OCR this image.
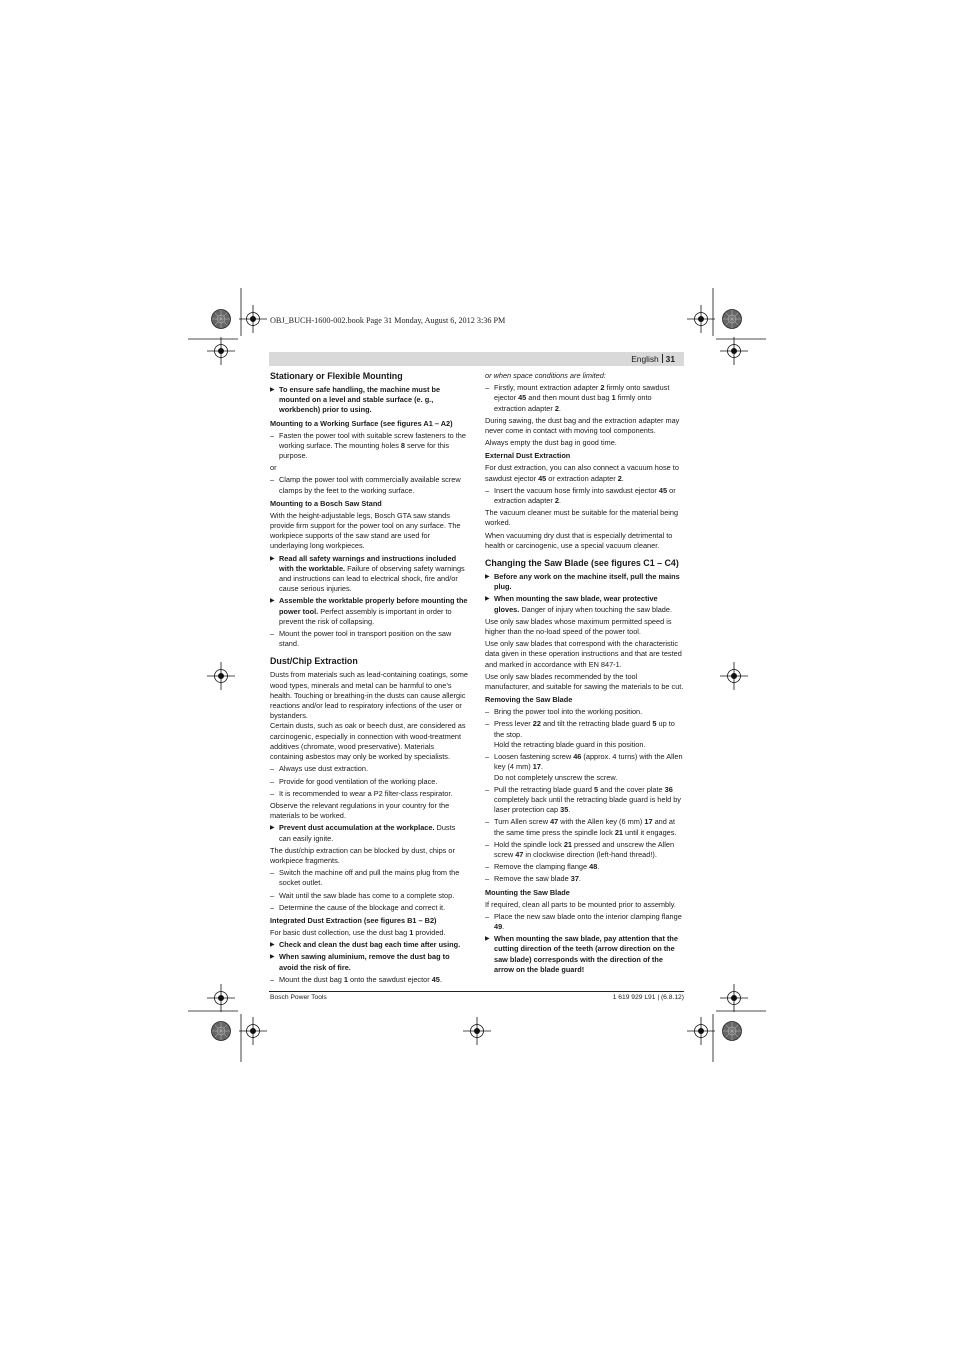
OBJ_BUCH-1600-002.book Page 31 Monday, August 6, 2012 3:36 PM
English 31
Stationary or Flexible Mounting

▶ To ensure safe handling, the machine must be mounted on a level and stable surface (e. g., workbench) prior to using.

Mounting to a Working Surface (see figures A1 – A2)

– Fasten the power tool with suitable screw fasteners to the working surface. The mounting holes 8 serve for this purpose.

or

– Clamp the power tool with commercially available screw clamps by the feet to the working surface.

Mounting to a Bosch Saw Stand

With the height-adjustable legs, Bosch GTA saw stands provide firm support for the power tool on any surface. The workpiece supports of the saw stand are used for underlaying long workpieces.

▶ Read all safety warnings and instructions included with the worktable. Failure of observing safety warnings and instructions can lead to electrical shock, fire and/or cause serious injuries.

▶ Assemble the worktable properly before mounting the power tool. Perfect assembly is important in order to prevent the risk of collapsing.

– Mount the power tool in transport position on the saw stand.

Dust/Chip Extraction

Dusts from materials such as lead-containing coatings, some wood types, minerals and metal can be harmful to one’s health. Touching or breathing-in the dusts can cause allergic reactions and/or lead to respiratory infections of the user or bystanders.

Certain dusts, such as oak or beech dust, are considered as carcinogenic, especially in connection with wood-treatment additives (chromate, wood preservative). Materials containing asbestos may only be worked by specialists.

– Always use dust extraction.

– Provide for good ventilation of the working place.

– It is recommended to wear a P2 filter-class respirator.

Observe the relevant regulations in your country for the materials to be worked.

▶ Prevent dust accumulation at the workplace. Dusts can easily ignite.

The dust/chip extraction can be blocked by dust, chips or workpiece fragments.

– Switch the machine off and pull the mains plug from the socket outlet.

– Wait until the saw blade has come to a complete stop.

– Determine the cause of the blockage and correct it.

Integrated Dust Extraction (see figures B1 – B2)

For basic dust collection, use the dust bag 1 provided.

▶ Check and clean the dust bag each time after using.

▶ When sawing aluminium, remove the dust bag to avoid the risk of fire.

– Mount the dust bag 1 onto the sawdust ejector 45.

or when space conditions are limited:

– Firstly, mount extraction adapter 2 firmly onto sawdust ejector 45 and then mount dust bag 1 firmly onto extraction adapter 2.

During sawing, the dust bag and the extraction adapter may never come in contact with moving tool components.

Always empty the dust bag in good time.

External Dust Extraction

For dust extraction, you can also connect a vacuum hose to sawdust ejector 45 or extraction adapter 2.

– Insert the vacuum hose firmly into sawdust ejector 45 or extraction adapter 2.

The vacuum cleaner must be suitable for the material being worked.

When vacuuming dry dust that is especially detrimental to health or carcinogenic, use a special vacuum cleaner.

Changing the Saw Blade (see figures C1 – C4)

▶ Before any work on the machine itself, pull the mains plug.

▶ When mounting the saw blade, wear protective gloves. Danger of injury when touching the saw blade.

Use only saw blades whose maximum permitted speed is higher than the no-load speed of the power tool.

Use only saw blades that correspond with the characteristic data given in these operation instructions and that are tested and marked in accordance with EN 847-1.

Use only saw blades recommended by the tool manufacturer, and suitable for sawing the materials to be cut.

Removing the Saw Blade

– Bring the power tool into the working position.

– Press lever 22 and tilt the retracting blade guard 5 up to the stop.
Hold the retracting blade guard in this position.

– Loosen fastening screw 46 (approx. 4 turns) with the Allen key (4 mm) 17.
Do not completely unscrew the screw.

– Pull the retracting blade guard 5 and the cover plate 36 completely back until the retracting blade guard is held by laser protection cap 35.

– Turn Allen screw 47 with the Allen key (6 mm) 17 and at the same time press the spindle lock 21 until it engages.

– Hold the spindle lock 21 pressed and unscrew the Allen screw 47 in clockwise direction (left-hand thread!).

– Remove the clamping flange 48.

– Remove the saw blade 37.

Mounting the Saw Blade

If required, clean all parts to be mounted prior to assembly.

– Place the new saw blade onto the interior clamping flange 49.

▶ When mounting the saw blade, pay attention that the cutting direction of the teeth (arrow direction on the saw blade) corresponds with the direction of the arrow on the blade guard!

Bosch Power Tools	1 619 929 L91 | (6.8.12)
